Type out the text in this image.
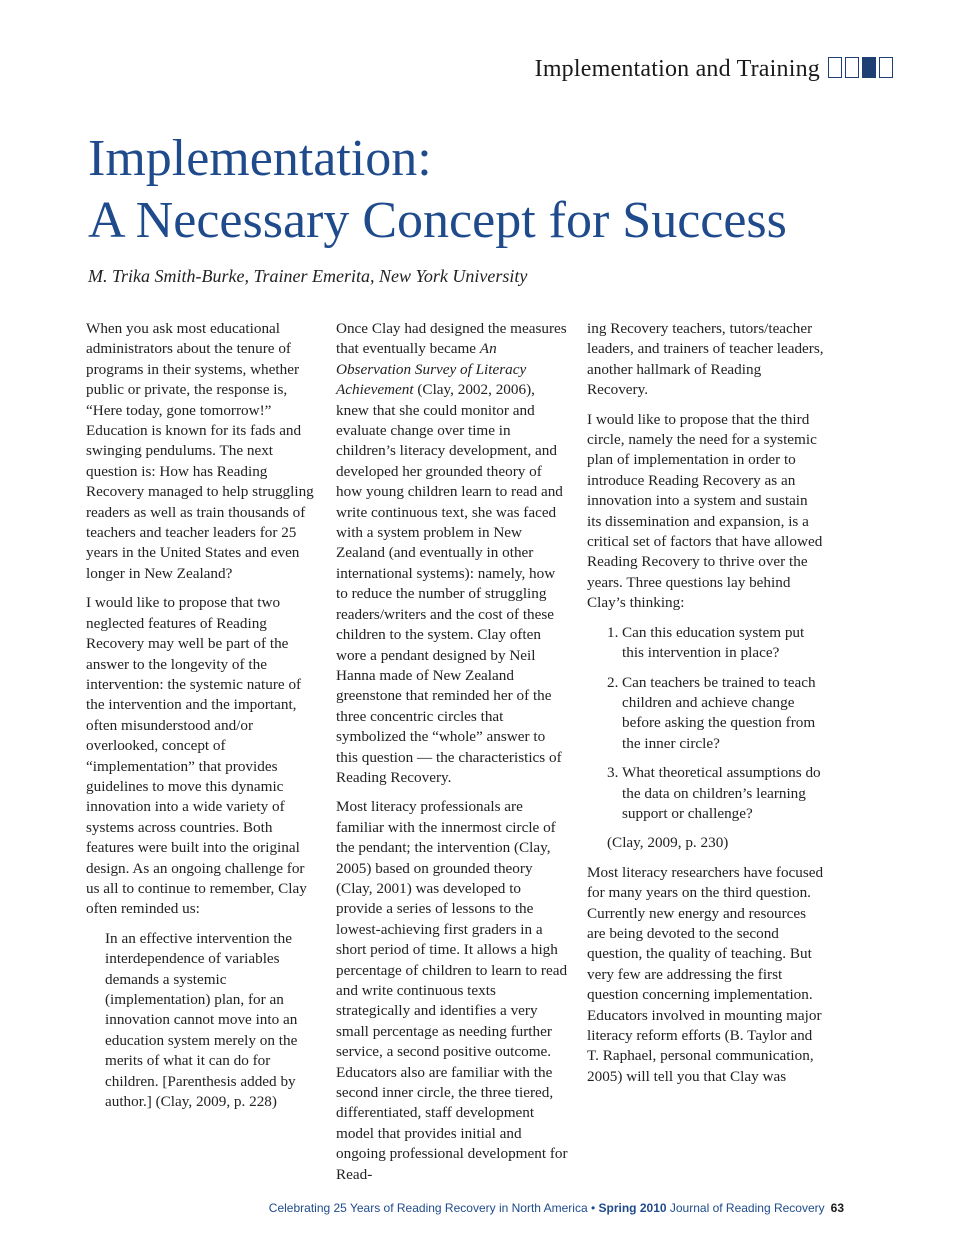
Implementation and Training
Implementation:
A Necessary Concept for Success
M. Trika Smith-Burke, Trainer Emerita, New York University

When you ask most educational administrators about the tenure of programs in their systems, whether public or private, the response is, “Here today, gone tomorrow!” Education is known for its fads and swinging pendulums. The next question is: How has Reading Recovery managed to help struggling readers as well as train thousands of teachers and teacher leaders for 25 years in the United States and even longer in New Zealand?

I would like to propose that two neglected features of Reading Recovery may well be part of the answer to the longevity of the intervention: the systemic nature of the intervention and the important, often misunderstood and/or overlooked, concept of “implementation” that provides guidelines to move this dynamic innovation into a wide variety of systems across countries. Both features were built into the original design. As an ongoing challenge for us all to continue to remember, Clay often reminded us:

In an effective intervention the interdependence of variables demands a systemic (implementation) plan, for an innovation cannot move into an education system merely on the merits of what it can do for children. [Parenthesis added by author.] (Clay, 2009, p. 228)

Once Clay had designed the measures that eventually became An Observation Survey of Literacy Achievement (Clay, 2002, 2006), knew that she could monitor and evaluate change over time in children’s literacy development, and developed her grounded theory of how young children learn to read and write continuous text, she was faced with a system problem in New Zealand (and eventually in other international systems): namely, how to reduce the number of struggling readers/writers and the cost of these children to the system. Clay often wore a pendant designed by Neil Hanna made of New Zealand greenstone that reminded her of the three concentric circles that symbolized the “whole” answer to this question — the characteristics of Reading Recovery.

Most literacy professionals are familiar with the innermost circle of the pendant; the intervention (Clay, 2005) based on grounded theory (Clay, 2001) was developed to provide a series of lessons to the lowest-achieving first graders in a short period of time. It allows a high percentage of children to learn to read and write continuous texts strategically and identifies a very small percentage as needing further service, a second positive outcome. Educators also are familiar with the second inner circle, the three tiered, differentiated, staff development model that provides initial and ongoing professional development for Read-

ing Recovery teachers, tutors/teacher leaders, and trainers of teacher leaders, another hallmark of Reading Recovery.

I would like to propose that the third circle, namely the need for a systemic plan of implementation in order to introduce Reading Recovery as an innovation into a system and sustain its dissemination and expansion, is a critical set of factors that have allowed Reading Recovery to thrive over the years. Three questions lay behind Clay’s thinking:

1. Can this education system put this intervention in place?
2. Can teachers be trained to teach children and achieve change before asking the question from the inner circle?
3. What theoretical assumptions do the data on children’s learning support or challenge?

(Clay, 2009, p. 230)

Most literacy researchers have focused for many years on the third question. Currently new energy and resources are being devoted to the second question, the quality of teaching. But very few are addressing the first question concerning implementation. Educators involved in mounting major literacy reform efforts (B. Taylor and T. Raphael, personal communication, 2005) will tell you that Clay was

Celebrating 25 Years of Reading Recovery in North America • Spring 2010 Journal of Reading Recovery 63
